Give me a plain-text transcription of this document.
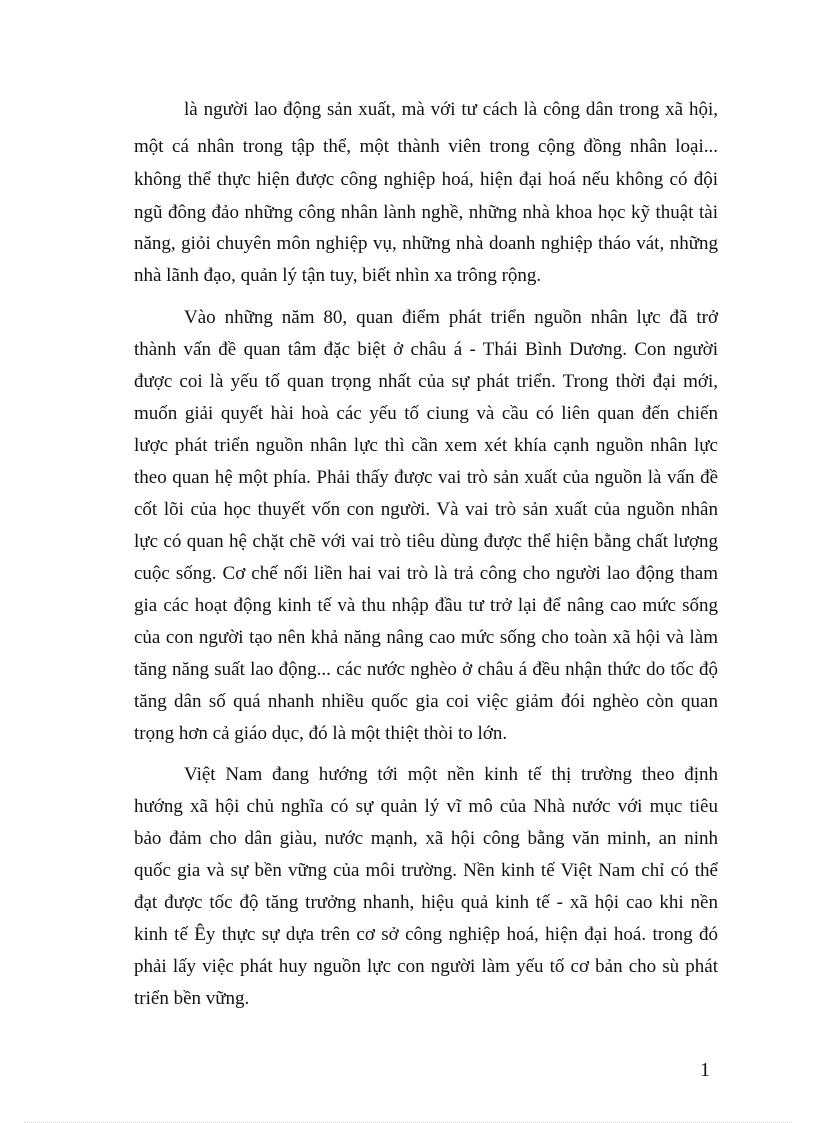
là người lao động sản xuất, mà với tư cách là công dân trong xã hội,
một cá nhân trong tập thể, một thành viên trong cộng đồng nhân loại...
không thể thực hiện được công nghiệp hoá, hiện đại hoá nếu không có đội
ngũ đông đảo những công nhân lành nghề, những nhà khoa học kỹ thuật tài
năng, giỏi chuyên môn nghiệp vụ, những nhà doanh nghiệp tháo vát, những
nhà lãnh đạo, quản lý tận tuy, biết nhìn xa trông rộng.
Vào những năm 80, quan điểm phát triển nguồn nhân lực đã trở
thành vấn đề quan tâm đặc biệt ở châu á - Thái Bình Dương. Con người
được coi là yếu tố quan trọng nhất của sự phát triển. Trong thời đại mới,
muốn giải quyết hài hoà các yếu tố ciung và cầu có liên quan đến chiến
lược phát triển nguồn nhân lực thì cần xem xét khía cạnh nguồn nhân lực
theo quan hệ một phía. Phải thấy được vai trò sản xuất của nguồn là vấn đề
cốt lõi của học thuyết vốn con người. Và vai trò sản xuất của nguồn nhân
lực có quan hệ chặt chẽ với vai trò tiêu dùng được thể hiện bằng chất lượng
cuộc sống. Cơ chế nối liền hai vai trò là trả công cho người lao động tham
gia các hoạt động kinh tế và thu nhập đầu tư trở lại để nâng cao mức sống
của con người tạo nên khả năng nâng cao mức sống cho toàn xã hội và làm
tăng năng suất lao động... các nước nghèo ở châu á đều nhận thức do tốc độ
tăng dân số quá nhanh nhiều quốc gia coi việc giảm đói nghèo còn quan
trọng hơn cả giáo dục, đó là một thiệt thòi to lớn.
Việt Nam đang hướng tới một nền kinh tế thị trường theo định
hướng xã hội chủ nghĩa có sự quản lý vĩ mô của Nhà nước với mục tiêu
bảo đảm cho dân giàu, nước mạnh, xã hội công bằng văn minh, an ninh
quốc gia và sự bền vững của môi trường. Nền kinh tế Việt Nam chỉ có thể
đạt được tốc độ tăng trưởng nhanh, hiệu quả kinh tế - xã hội cao khi nền
kinh tế Êy thực sự dựa trên cơ sở công nghiệp hoá, hiện đại hoá. trong đó
phải lấy việc phát huy nguồn lực con người làm yếu tố cơ bản cho sù phát
triển bền vững.
1
